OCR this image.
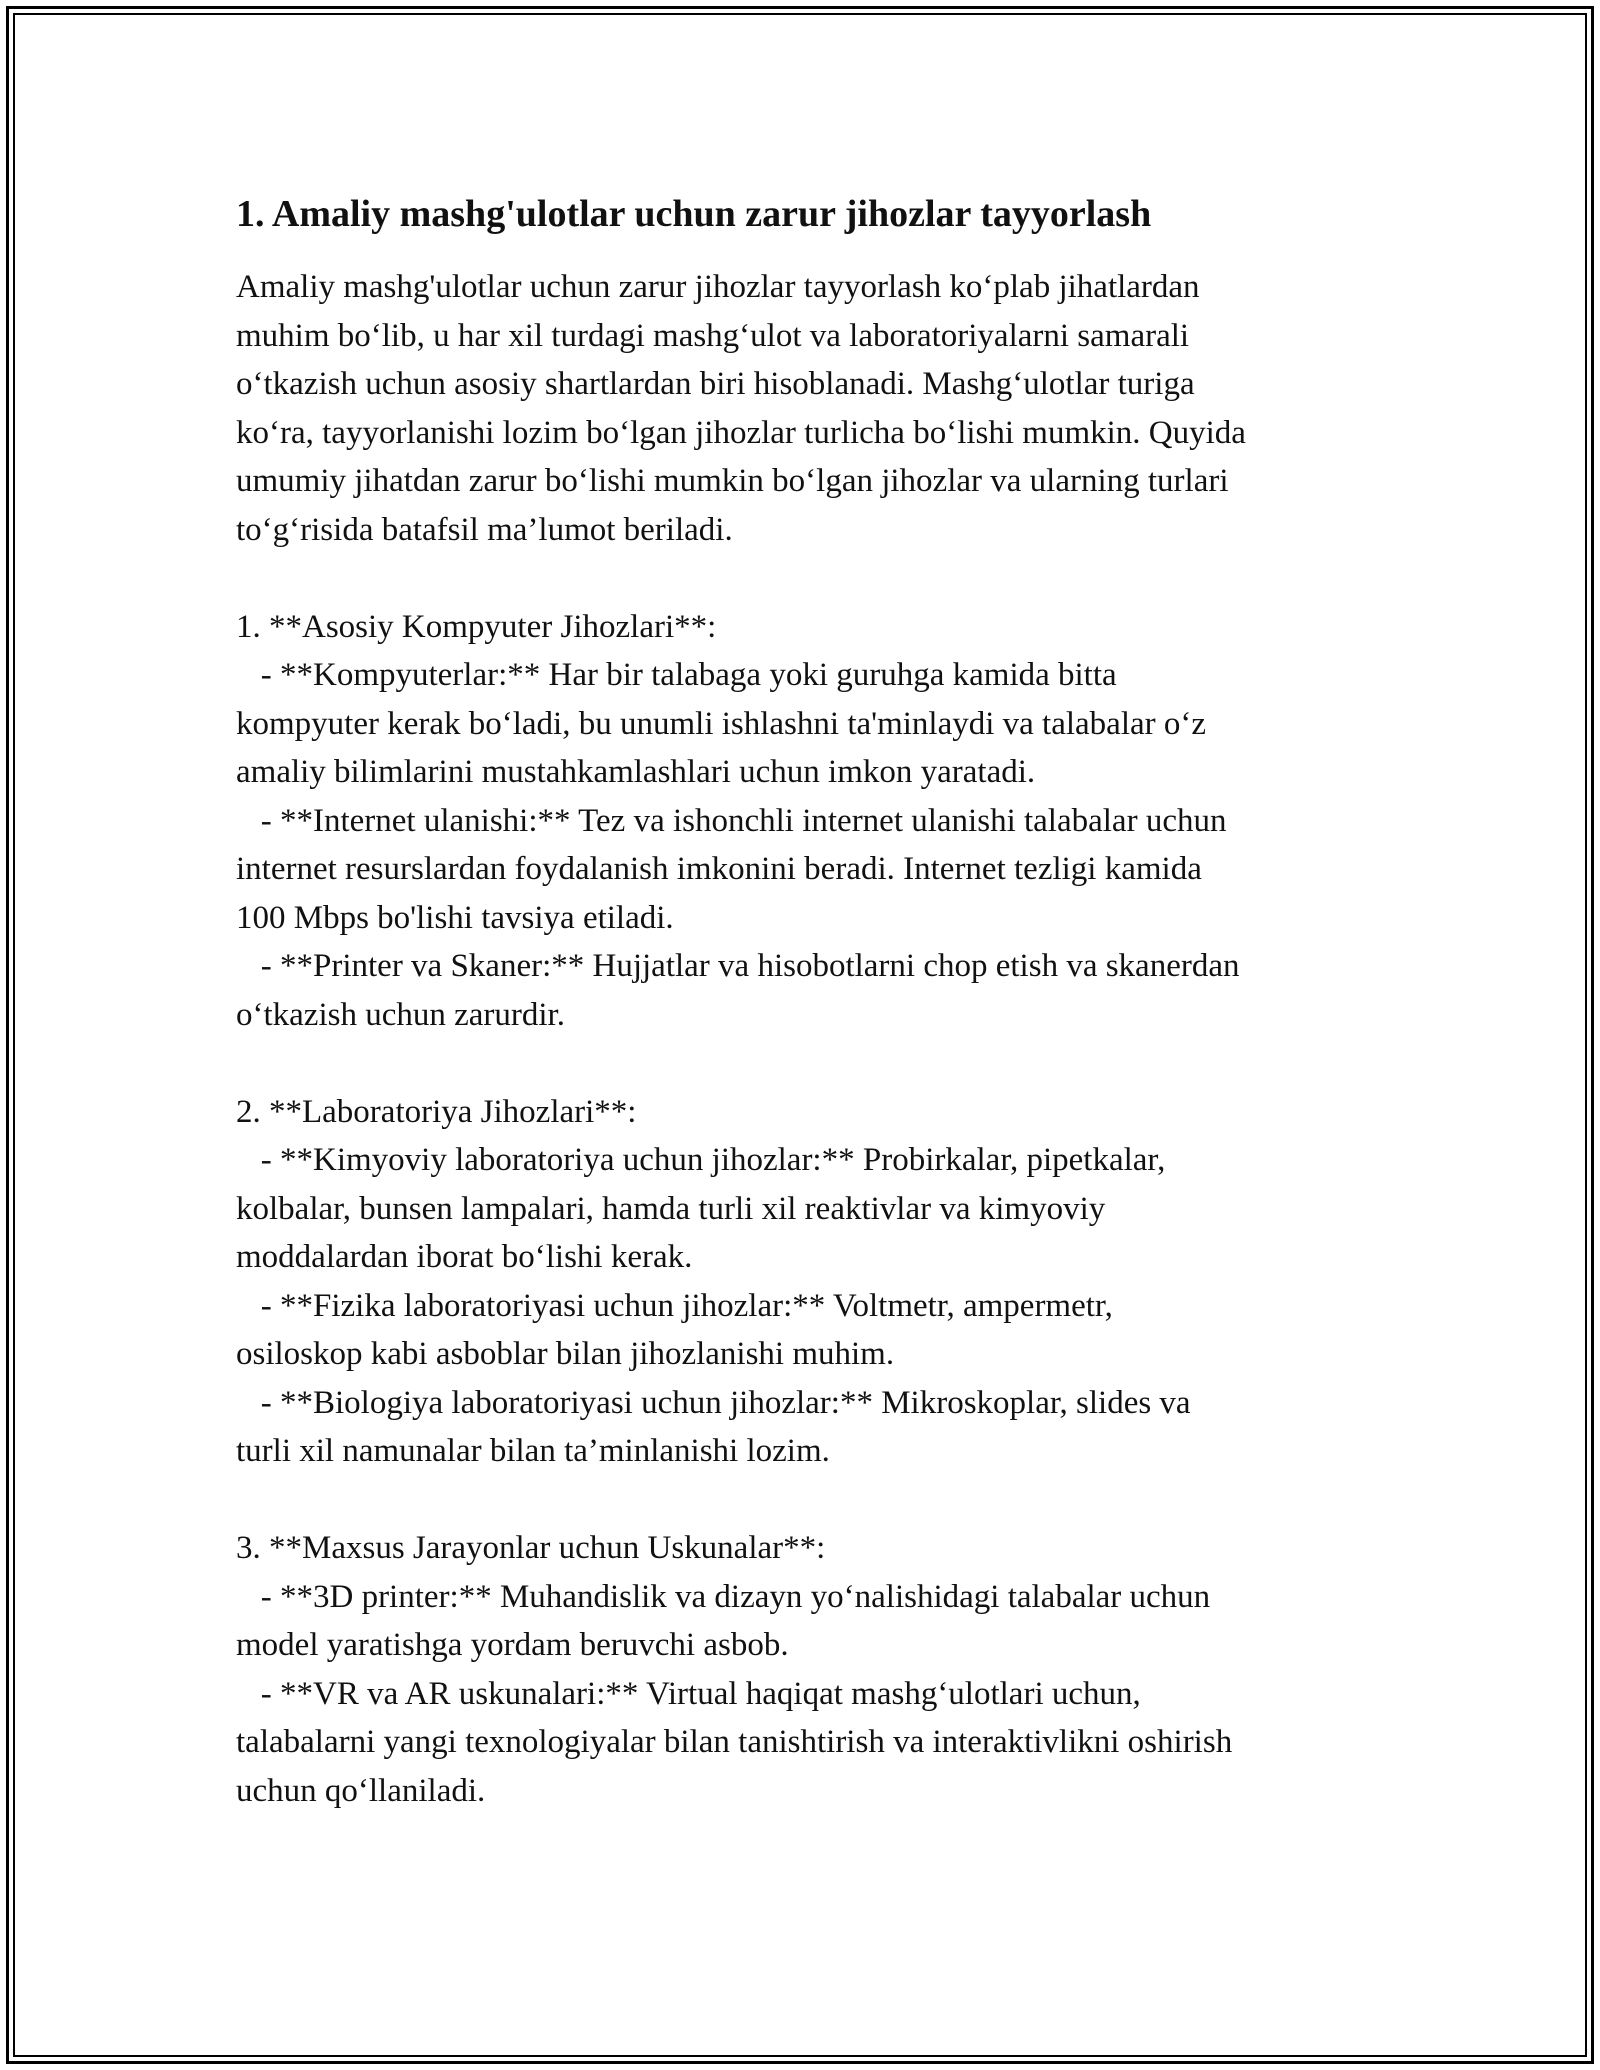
1. Amaliy mashg'ulotlar uchun zarur jihozlar tayyorlash

Amaliy mashg'ulotlar uchun zarur jihozlar tayyorlash ko‘plab jihatlardan
muhim bo‘lib, u har xil turdagi mashg‘ulot va laboratoriyalarni samarali
o‘tkazish uchun asosiy shartlardan biri hisoblanadi. Mashg‘ulotlar turiga
ko‘ra, tayyorlanishi lozim bo‘lgan jihozlar turlicha bo‘lishi mumkin. Quyida
umumiy jihatdan zarur bo‘lishi mumkin bo‘lgan jihozlar va ularning turlari
to‘g‘risida batafsil ma’lumot beriladi.

1. **Asosiy Kompyuter Jihozlari**:
- **Kompyuterlar:** Har bir talabaga yoki guruhga kamida bitta
kompyuter kerak bo‘ladi, bu unumli ishlashni ta'minlaydi va talabalar o‘z
amaliy bilimlarini mustahkamlashlari uchun imkon yaratadi.
- **Internet ulanishi:** Tez va ishonchli internet ulanishi talabalar uchun
internet resurslardan foydalanish imkonini beradi. Internet tezligi kamida
100 Mbps bo'lishi tavsiya etiladi.
- **Printer va Skaner:** Hujjatlar va hisobotlarni chop etish va skanerdan
o‘tkazish uchun zarurdir.

2. **Laboratoriya Jihozlari**:
- **Kimyoviy laboratoriya uchun jihozlar:** Probirkalar, pipetkalar,
kolbalar, bunsen lampalari, hamda turli xil reaktivlar va kimyoviy
moddalardan iborat bo‘lishi kerak.
- **Fizika laboratoriyasi uchun jihozlar:** Voltmetr, ampermetr,
osiloskop kabi asboblar bilan jihozlanishi muhim.
- **Biologiya laboratoriyasi uchun jihozlar:** Mikroskoplar, slides va
turli xil namunalar bilan ta’minlanishi lozim.

3. **Maxsus Jarayonlar uchun Uskunalar**:
- **3D printer:** Muhandislik va dizayn yo‘nalishidagi talabalar uchun
model yaratishga yordam beruvchi asbob.
- **VR va AR uskunalari:** Virtual haqiqat mashg‘ulotlari uchun,
talabalarni yangi texnologiyalar bilan tanishtirish va interaktivlikni oshirish
uchun qo‘llaniladi.
